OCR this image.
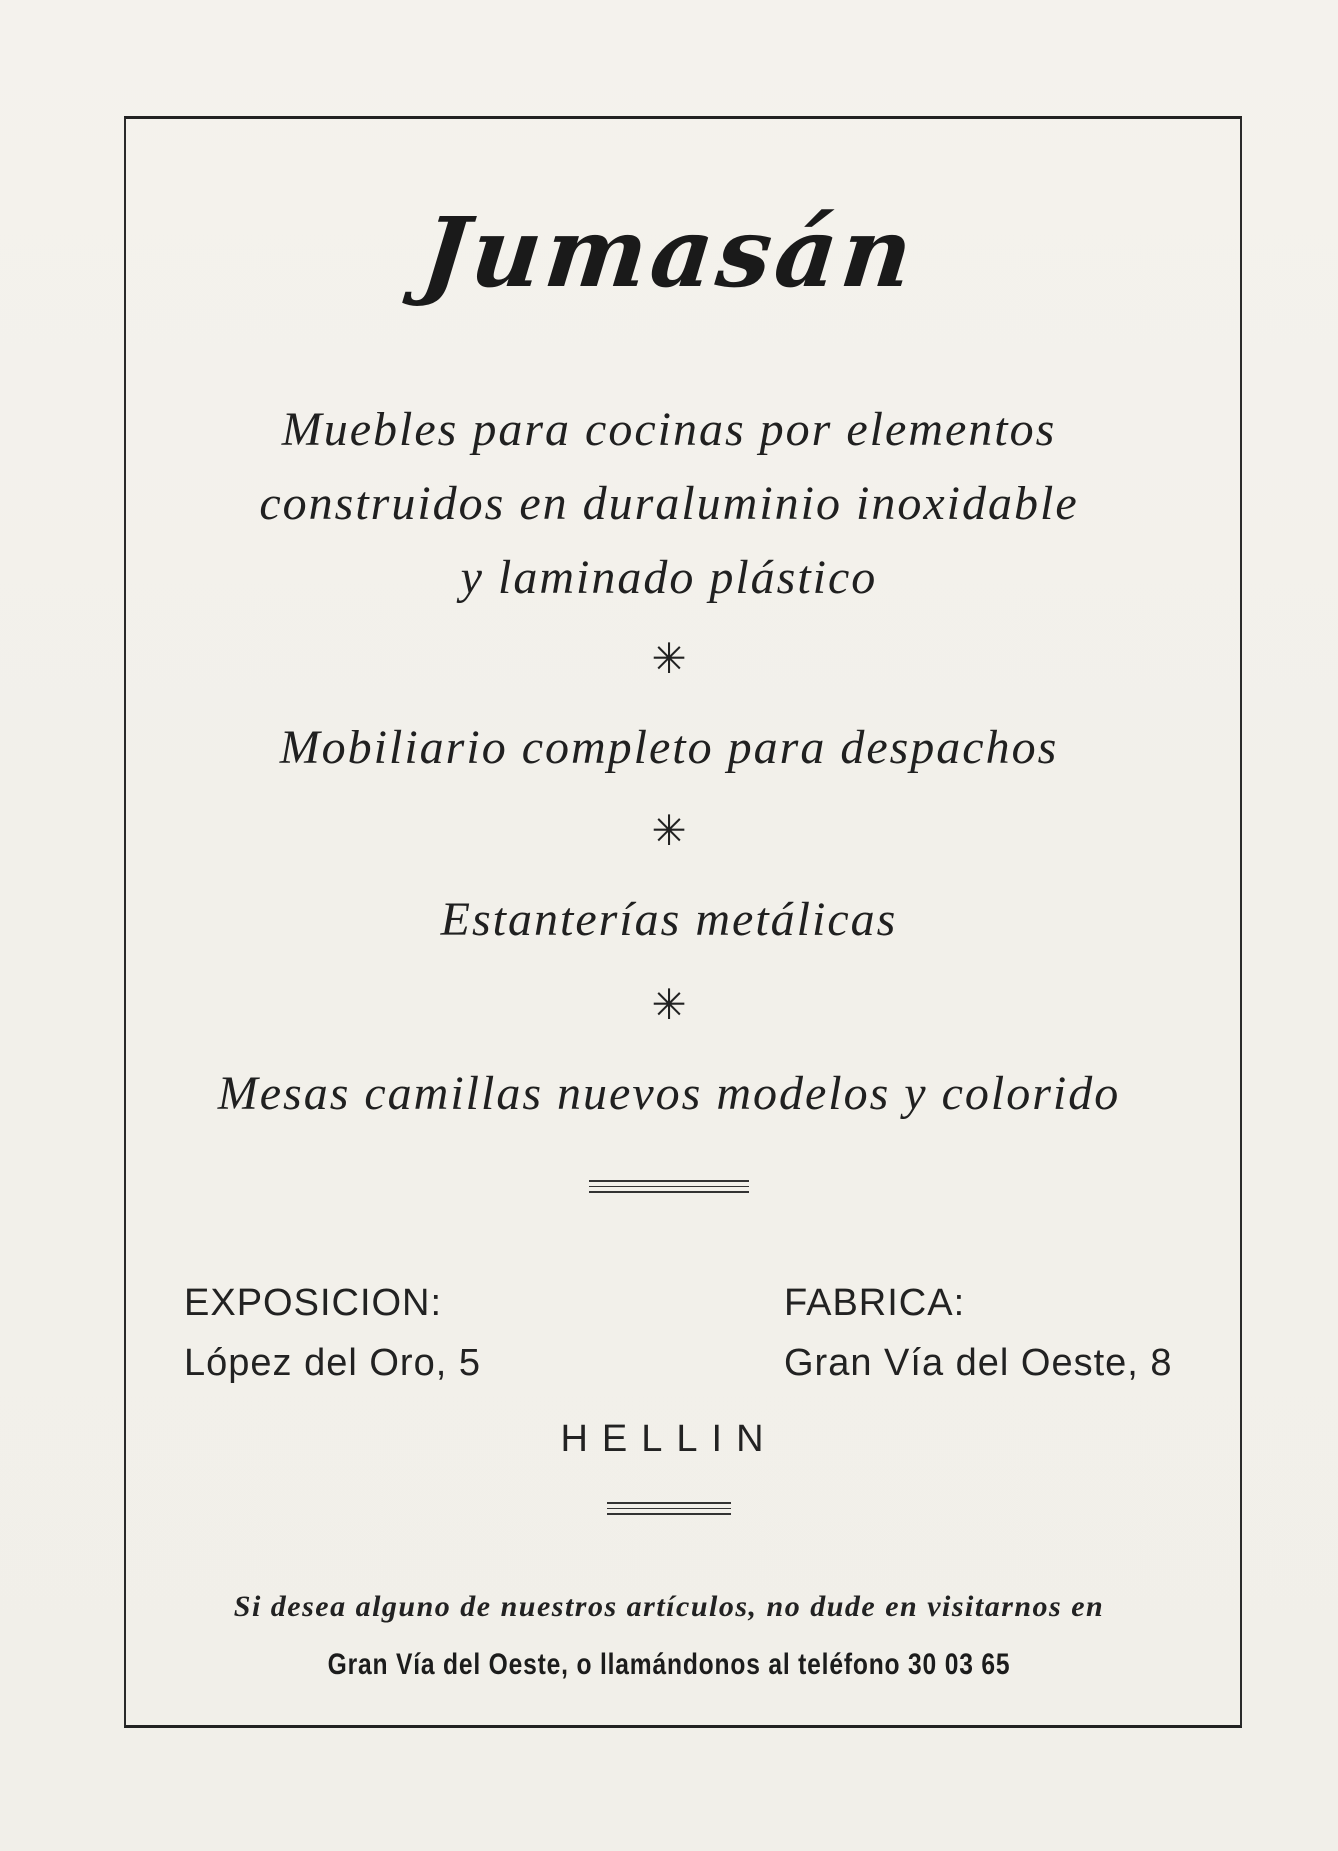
Jumasán
Muebles para cocinas por elementos
construidos en duraluminio inoxidable
y laminado plástico
✳
Mobiliario completo para despachos
✳
Estanterías metálicas
✳
Mesas camillas nuevos modelos y colorido
EXPOSICION:
López del Oro, 5
FABRICA:
Gran Vía del Oeste, 8
HELLIN
Si desea alguno de nuestros artículos, no dude en visitarnos en
Gran Vía del Oeste, o llamándonos al teléfono 30 03 65
